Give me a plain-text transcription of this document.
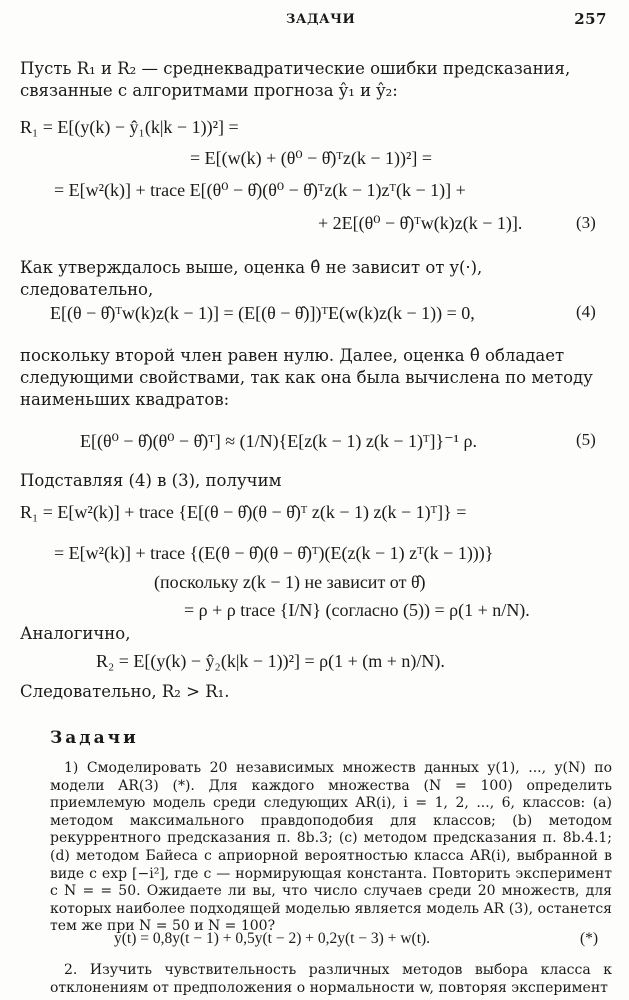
ЗАДАЧИ	257
Пусть R₁ и R₂ — среднеквадратические ошибки предсказания, связанные с алгоритмами прогноза ŷ₁ и ŷ₂:
R₁ = E[(y(k) − ŷ₁(k|k − 1))²] =
= E[(w(k) + (θ⁰ − θ̂)ᵀz(k − 1))²] =
= E[w²(k)] + trace E[(θ⁰ − θ̂)(θ⁰ − θ̂)ᵀz(k − 1)zᵀ(k − 1)] +
+ 2E[(θ⁰ − θ̂)ᵀw(k)z(k − 1)].	(3)
Как утверждалось выше, оценка θ̂ не зависит от y(·), следовательно,
E[(θ − θ̂)ᵀw(k)z(k − 1)] = (E[(θ − θ̂)])ᵀE(w(k)z(k − 1)) = 0,	(4)
поскольку второй член равен нулю. Далее, оценка θ̂ обладает следующими свойствами, так как она была вычислена по методу наименьших квадратов:
E[(θ⁰ − θ̂)(θ⁰ − θ̂)ᵀ] ≈ (1/N){E[z(k − 1) z(k − 1)ᵀ]}⁻¹ ρ.	(5)
Подставляя (4) в (3), получим
R₁ = E[w²(k)] + trace {E[(θ − θ̂)(θ − θ̂)ᵀ z(k − 1) z(k − 1)ᵀ]} =
= E[w²(k)] + trace {(E(θ − θ̂)(θ − θ̂)ᵀ)(E(z(k − 1) zᵀ(k − 1)))}
(поскольку z(k − 1) не зависит от θ̂)
= ρ + ρ trace {I/N} (согласно (5)) = ρ(1 + n/N).
Аналогично,
R₂ = E[(y(k) − ŷ₂(k|k − 1))²] = ρ(1 + (m + n)/N).
Следовательно, R₂ > R₁.
Задачи
1) Смоделировать 20 независимых множеств данных y(1), ..., y(N) по модели AR(3) (*). Для каждого множества (N = 100) определить приемлемую модель среди следующих AR(i), i = 1, 2, ..., 6, классов: (a) методом максимального правдоподобия для классов; (b) методом рекуррентного предсказания п. 8b.3; (c) методом предсказания п. 8b.4.1; (d) методом Байеса с априорной вероятностью класса AR(i), выбранной в виде c exp [−i²], где c — нормирующая константа. Повторить эксперимент с N = = 50. Ожидаете ли вы, что число случаев среди 20 множеств, для которых наиболее подходящей моделью является модель AR (3), останется тем же при N = 50 и N = 100?
y(t) = 0,8y(t − 1) + 0,5y(t − 2) + 0,2y(t − 3) + w(t).	(*)
2. Изучить чувствительность различных методов выбора класса к отклонениям от предположения о нормальности w, повторяя эксперимент
